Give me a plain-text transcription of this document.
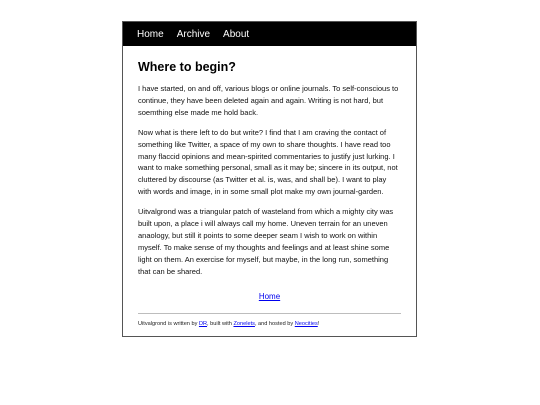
Home Archive About
Where to begin?

I have started, on and off, various blogs or online journals. To self-conscious to continue, they have been deleted again and again. Writing is not hard, but soemthing else made me hold back.

Now what is there left to do but write? I find that I am craving the contact of something like Twitter, a space of my own to share thoughts. I have read too many flaccid opinions and mean-spirited commentaries to justify just lurking. I want to make something personal, small as it may be; sincere in its output, not cluttered by discourse (as Twitter et al. is, was, and shall be). I want to play with words and image, in in some small plot make my own journal-garden.

Uitvalgrond was a triangular patch of wasteland from which a mighty city was built upon, a place i will always call my home. Uneven terrain for an uneven anaology, but still it points to some deeper seam I wish to work on within myself. To make sense of my thoughts and feelings and at least shine some light on them. An exercise for myself, but maybe, in the long run, something that can be shared.

Home
Uitvalgrond is written by DR, built with Zonelets, and hosted by Neocities!
